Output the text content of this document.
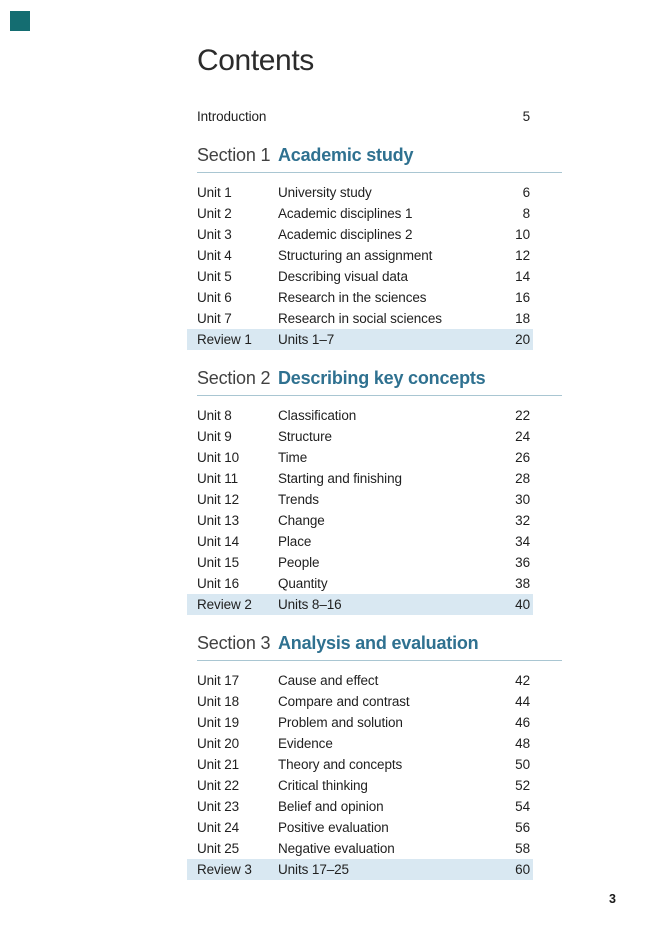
Contents
Introduction	5
Section 1 Academic study
Unit 1	University study	6
Unit 2	Academic disciplines 1	8
Unit 3	Academic disciplines 2	10
Unit 4	Structuring an assignment	12
Unit 5	Describing visual data	14
Unit 6	Research in the sciences	16
Unit 7	Research in social sciences	18
Review 1	Units 1–7	20
Section 2 Describing key concepts
Unit 8	Classification	22
Unit 9	Structure	24
Unit 10	Time	26
Unit 11	Starting and finishing	28
Unit 12	Trends	30
Unit 13	Change	32
Unit 14	Place	34
Unit 15	People	36
Unit 16	Quantity	38
Review 2	Units 8–16	40
Section 3 Analysis and evaluation
Unit 17	Cause and effect	42
Unit 18	Compare and contrast	44
Unit 19	Problem and solution	46
Unit 20	Evidence	48
Unit 21	Theory and concepts	50
Unit 22	Critical thinking	52
Unit 23	Belief and opinion	54
Unit 24	Positive evaluation	56
Unit 25	Negative evaluation	58
Review 3	Units 17–25	60
3
